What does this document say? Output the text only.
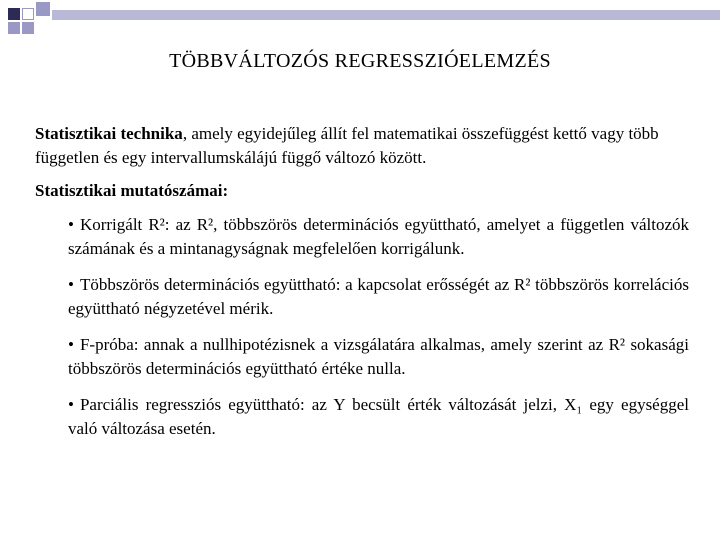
TÖBBVÁLTOZÓS REGRESSZIÓELEMZÉS

Statisztikai technika, amely egyidejűleg állít fel matematikai összefüggést kettő vagy több független és egy intervallumskálájú függő változó között.

Statisztikai mutatószámai:

• Korrigált R²: az R², többszörös determinációs együttható, amelyet a független változók számának és a mintanagyságnak megfelelően korrigálunk.

• Többszörös determinációs együttható: a kapcsolat erősségét az R² többszörös korrelációs együttható négyzetével mérik.

• F-próba: annak a nullhipotézisnek a vizsgálatára alkalmas, amely szerint az R² sokasági többszörös determinációs együttható értéke nulla.

• Parciális regressziós együttható: az Y becsült érték változását jelzi, X₁ egy egységgel való változása esetén.
